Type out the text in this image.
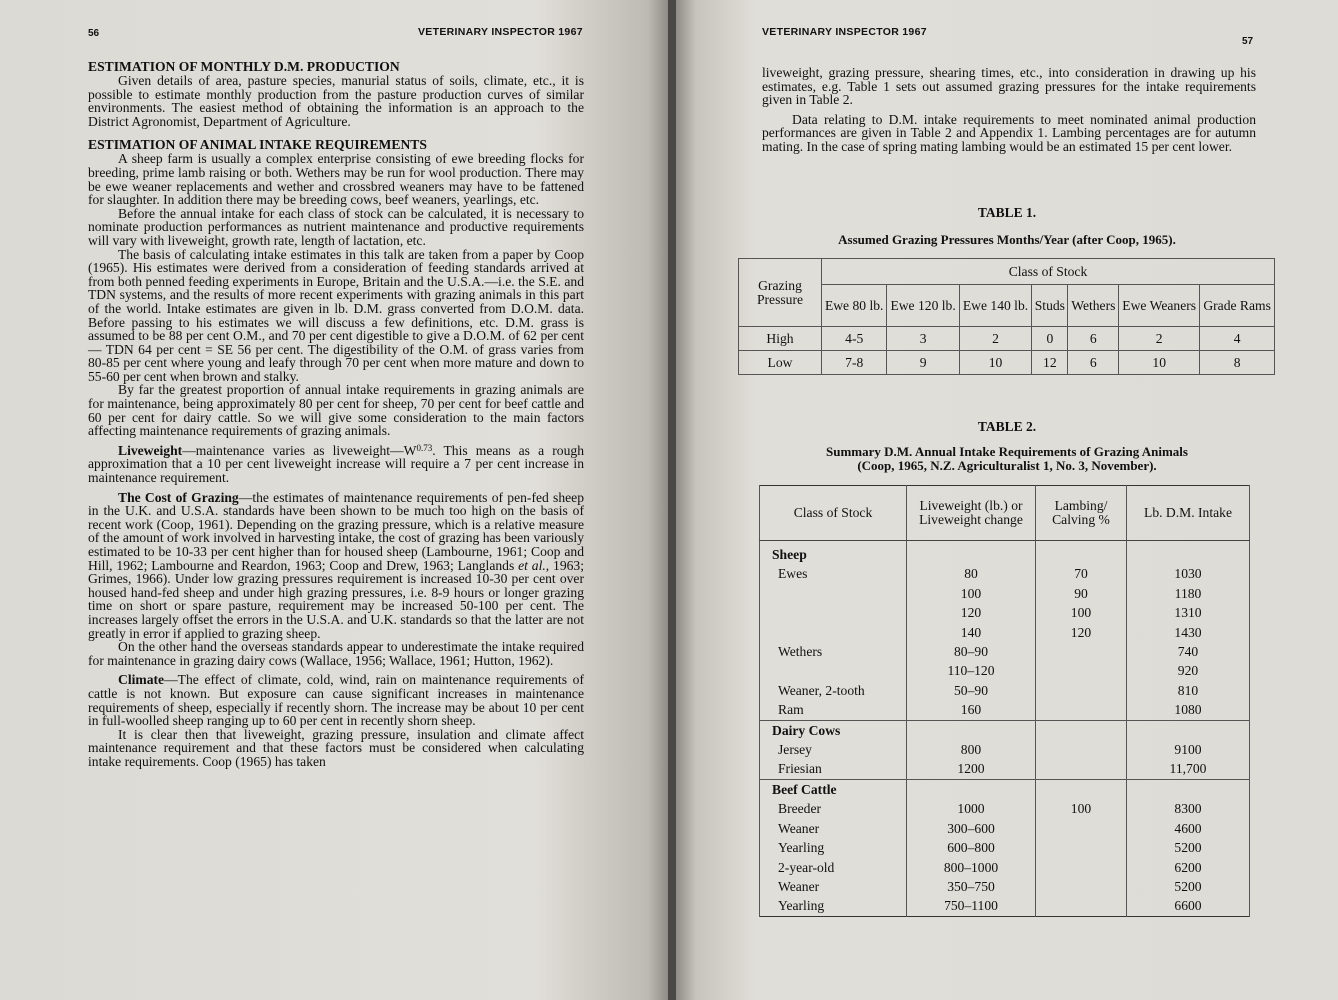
56	VETERINARY INSPECTOR 1967
ESTIMATION OF MONTHLY D.M. PRODUCTION

Given details of area, pasture species, manurial status of soils, climate, etc., it is possible to estimate monthly production from the pasture production curves of similar environments. The easiest method of obtaining the information is an approach to the District Agronomist, Department of Agriculture.

ESTIMATION OF ANIMAL INTAKE REQUIREMENTS

A sheep farm is usually a complex enterprise consisting of ewe breeding flocks for breeding, prime lamb raising or both. Wethers may be run for wool production. There may be ewe weaner replacements and wether and crossbred weaners may have to be fattened for slaughter. In addition there may be breeding cows, beef weaners, yearlings, etc.

Before the annual intake for each class of stock can be calculated, it is necessary to nominate production performances as nutrient maintenance and productive requirements will vary with liveweight, growth rate, length of lactation, etc.

The basis of calculating intake estimates in this talk are taken from a paper by Coop (1965). His estimates were derived from a consideration of feeding standards arrived at from both penned feeding experiments in Europe, Britain and the U.S.A.—i.e. the S.E. and TDN systems, and the results of more recent experiments with grazing animals in this part of the world. Intake estimates are given in lb. D.M. grass converted from D.O.M. data. Before passing to his estimates we will discuss a few definitions, etc. D.M. grass is assumed to be 88 per cent O.M., and 70 per cent digestible to give a D.O.M. of 62 per cent — TDN 64 per cent = SE 56 per cent. The digestibility of the O.M. of grass varies from 80-85 per cent where young and leafy through 70 per cent when more mature and down to 55-60 per cent when brown and stalky.

By far the greatest proportion of annual intake requirements in grazing animals are for maintenance, being approximately 80 per cent for sheep, 70 per cent for beef cattle and 60 per cent for dairy cattle. So we will give some consideration to the main factors affecting maintenance requirements of grazing animals.

Liveweight—maintenance varies as $liveweight—W^{0.73}$. This means as a rough approximation that a 10 per cent liveweight increase will require a 7 per cent increase in maintenance requirement.

The Cost of Grazing—the estimates of maintenance requirements of pen-fed sheep in the U.K. and U.S.A. standards have been shown to be much too high on the basis of recent work (Coop, 1961). Depending on the grazing pressure, which is a relative measure of the amount of work involved in harvesting intake, the cost of grazing has been variously estimated to be 10-33 per cent higher than for housed sheep (Lambourne, 1961; Coop and Hill, 1962; Lambourne and Reardon, 1963; Coop and Drew, 1963; Langlands et al., 1963; Grimes, 1966). Under low grazing pressures requirement is increased 10-30 per cent over housed hand-fed sheep and under high grazing pressures, i.e. 8-9 hours or longer grazing time on short or spare pasture, requirement may be increased 50-100 per cent. The increases largely offset the errors in the U.S.A. and U.K. standards so that the latter are not greatly in error if applied to grazing sheep.

On the other hand the overseas standards appear to underestimate the intake required for maintenance in grazing dairy cows (Wallace, 1956; Wallace, 1961; Hutton, 1962).

Climate—The effect of climate, cold, wind, rain on maintenance requirements of cattle is not known. But exposure can cause significant increases in maintenance requirements of sheep, especially if recently shorn. The increase may be about 10 per cent in full-woolled sheep ranging up to 60 per cent in recently shorn sheep.

It is clear then that liveweight, grazing pressure, insulation and climate affect maintenance requirement and that these factors must be considered when calculating intake requirements. Coop (1965) has taken

VETERINARY INSPECTOR 1967
57

liveweight, grazing pressure, shearing times, etc., into consideration in drawing up his estimates, e.g. Table 1 sets out assumed grazing pressures for the intake requirements given in Table 2.

Data relating to D.M. intake requirements to meet nominated animal production performances are given in Table 2 and Appendix 1. Lambing percentages are for autumn mating. In the case of spring mating lambing would be an estimated 15 per cent lower.

TABLE 1.
Assumed Grazing Pressures Months/Year (after Coop, 1965).
Grazing Pressure	Class of Stock						
	Ewe 80 lb.	Ewe 120 lb.	Ewe 140 lb.	Studs	Wethers	Ewe Weaners	Grade Rams
High	4-5	3	2	0	6	2	4
Low	7-8	9	10	12	6	10	8
TABLE 2.
Summary D.M. Annual Intake Requirements of Grazing Animals
(Coop, 1965, N.Z. Agriculturalist 1, No. 3, November).
Class of Stock	Liveweight (lb.) or Liveweight change	Lambing/ Calving %	Lb. D.M. Intake
Sheep			
Ewes	80	70	1030
	100	90	1180
	120	100	1310
	140	120	1430
Wethers	80–90		740
	110–120		920
Weaner, 2-tooth	50–90		810
Ram	160		1080
Dairy Cows			
Jersey	800		9100
Friesian	1200		11,700
Beef Cattle			
Breeder	1000	100	8300
Weaner	300–600		4600
Yearling	600–800		5200
2-year-old	800–1000		6200
Weaner	350–750		5200
Yearling	750–1100		6600
